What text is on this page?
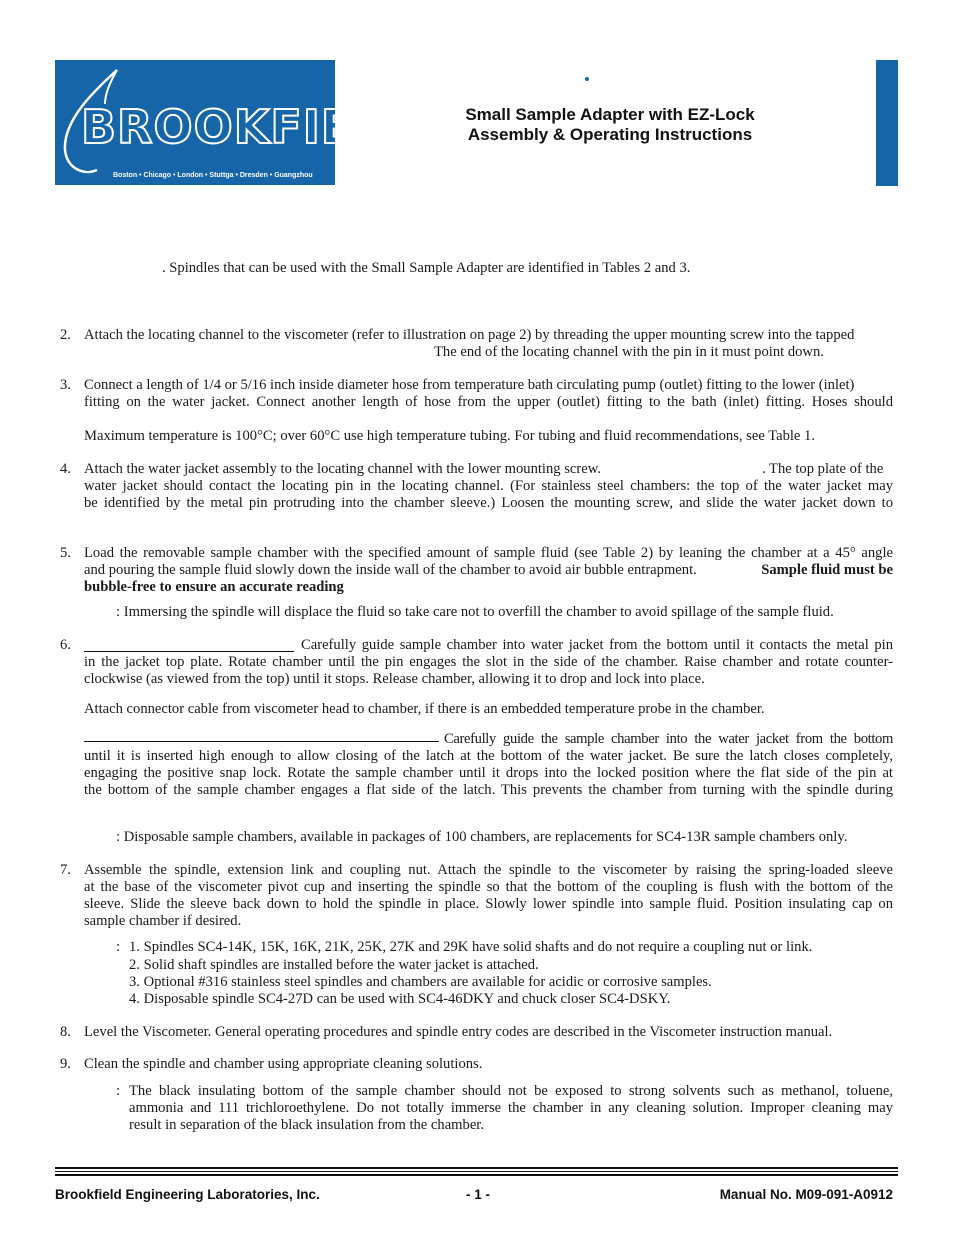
BROOKFIELD
Boston • Chicago • London • Stuttga • Dresden • Guangzhou
Small Sample Adapter with EZ-Lock
Assembly & Operating Instructions
. Spindles that can be used with the Small Sample Adapter are identified in Tables 2 and 3.
2. Attach the locating channel to the viscometer (refer to illustration on page 2) by threading the upper mounting screw into the tapped
The end of the locating channel with the pin in it must point down.
3. Connect a length of 1/4 or 5/16 inch inside diameter hose from temperature bath circulating pump (outlet) fitting to the lower (inlet)
fitting on the water jacket. Connect another length of hose from the upper (outlet) fitting to the bath (inlet) fitting. Hoses should
Maximum temperature is 100°C; over 60°C use high temperature tubing. For tubing and fluid recommendations, see Table 1.
4. Attach the water jacket assembly to the locating channel with the lower mounting screw.	. The top plate of the
water jacket should contact the locating pin in the locating channel. (For stainless steel chambers: the top of the water jacket may
be identified by the metal pin protruding into the chamber sleeve.) Loosen the mounting screw, and slide the water jacket down to
5. Load the removable sample chamber with the specified amount of sample fluid (see Table 2) by leaning the chamber at a 45° angle
and pouring the sample fluid slowly down the inside wall of the chamber to avoid air bubble entrapment.	Sample fluid must be
bubble-free to ensure an accurate reading
: Immersing the spindle will displace the fluid so take care not to overfill the chamber to avoid spillage of the sample fluid.
6.	Carefully guide sample chamber into water jacket from the bottom until it contacts the metal pin
in the jacket top plate. Rotate chamber until the pin engages the slot in the side of the chamber. Raise chamber and rotate counter-
clockwise (as viewed from the top) until it stops. Release chamber, allowing it to drop and lock into place.
Attach connector cable from viscometer head to chamber, if there is an embedded temperature probe in the chamber.
Carefully guide the sample chamber into the water jacket from the bottom
until it is inserted high enough to allow closing of the latch at the bottom of the water jacket. Be sure the latch closes completely,
engaging the positive snap lock. Rotate the sample chamber until it drops into the locked position where the flat side of the pin at
the bottom of the sample chamber engages a flat side of the latch. This prevents the chamber from turning with the spindle during
: Disposable sample chambers, available in packages of 100 chambers, are replacements for SC4-13R sample chambers only.
7. Assemble the spindle, extension link and coupling nut. Attach the spindle to the viscometer by raising the spring-loaded sleeve
at the base of the viscometer pivot cup and inserting the spindle so that the bottom of the coupling is flush with the bottom of the
sleeve. Slide the sleeve back down to hold the spindle in place. Slowly lower spindle into sample fluid. Position insulating cap on
sample chamber if desired.
: 1. Spindles SC4-14K, 15K, 16K, 21K, 25K, 27K and 29K have solid shafts and do not require a coupling nut or link.
2. Solid shaft spindles are installed before the water jacket is attached.
3. Optional #316 stainless steel spindles and chambers are available for acidic or corrosive samples.
4. Disposable spindle SC4-27D can be used with SC4-46DKY and chuck closer SC4-DSKY.
8. Level the Viscometer. General operating procedures and spindle entry codes are described in the Viscometer instruction manual.
9. Clean the spindle and chamber using appropriate cleaning solutions.
: The black insulating bottom of the sample chamber should not be exposed to strong solvents such as methanol, toluene,
ammonia and 111 trichloroethylene. Do not totally immerse the chamber in any cleaning solution. Improper cleaning may
result in separation of the black insulation from the chamber.
Brookfield Engineering Laboratories, Inc.	- 1 -	Manual No. M09-091-A0912
